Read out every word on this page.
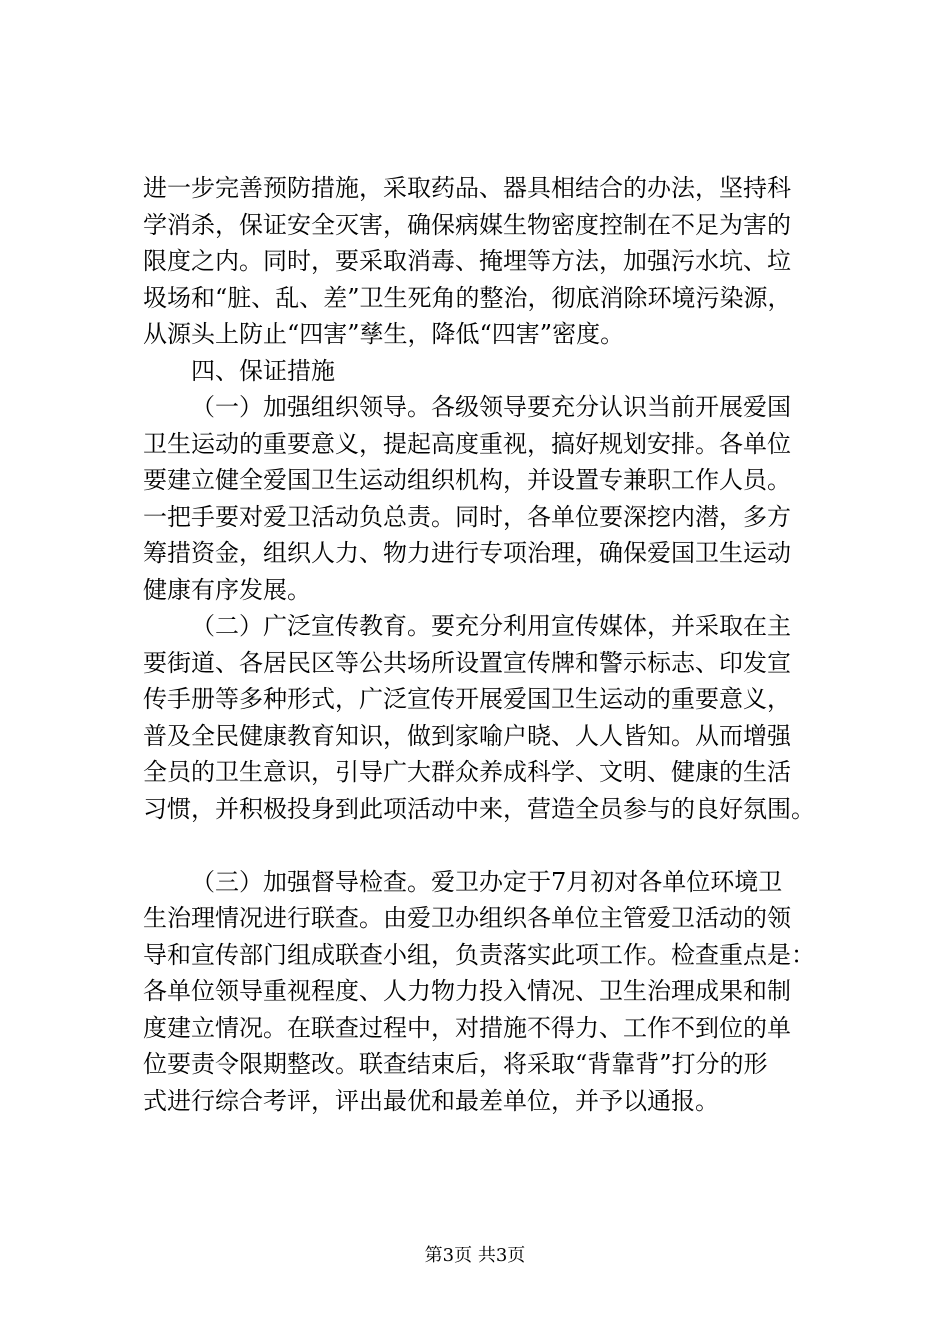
进一步完善预防措施，采取药品、器具相结合的办法，坚持科
学消杀，保证安全灭害，确保病媒生物密度控制在不足为害的
限度之内。同时，要采取消毒、掩埋等方法，加强污水坑、垃
圾场和“脏、乱、差”卫生死角的整治，彻底消除环境污染源，
从源头上防止“四害”孳生，降低“四害”密度。
四、保证措施
（一）加强组织领导。各级领导要充分认识当前开展爱国
卫生运动的重要意义，提起高度重视，搞好规划安排。各单位
要建立健全爱国卫生运动组织机构，并设置专兼职工作人员。
一把手要对爱卫活动负总责。同时，各单位要深挖内潜，多方
筹措资金，组织人力、物力进行专项治理，确保爱国卫生运动
健康有序发展。
（二）广泛宣传教育。要充分利用宣传媒体，并采取在主
要街道、各居民区等公共场所设置宣传牌和警示标志、印发宣
传手册等多种形式，广泛宣传开展爱国卫生运动的重要意义，
普及全民健康教育知识，做到家喻户晓、人人皆知。从而增强
全员的卫生意识，引导广大群众养成科学、文明、健康的生活
习惯，并积极投身到此项活动中来，营造全员参与的良好氛围。
（三）加强督导检查。爱卫办定于7月初对各单位环境卫
生治理情况进行联查。由爱卫办组织各单位主管爱卫活动的领
导和宣传部门组成联查小组，负责落实此项工作。检查重点是：
各单位领导重视程度、人力物力投入情况、卫生治理成果和制
度建立情况。在联查过程中，对措施不得力、工作不到位的单
位要责令限期整改。联查结束后，将采取“背靠背”打分的形
式进行综合考评，评出最优和最差单位，并予以通报。
第3页 共3页
